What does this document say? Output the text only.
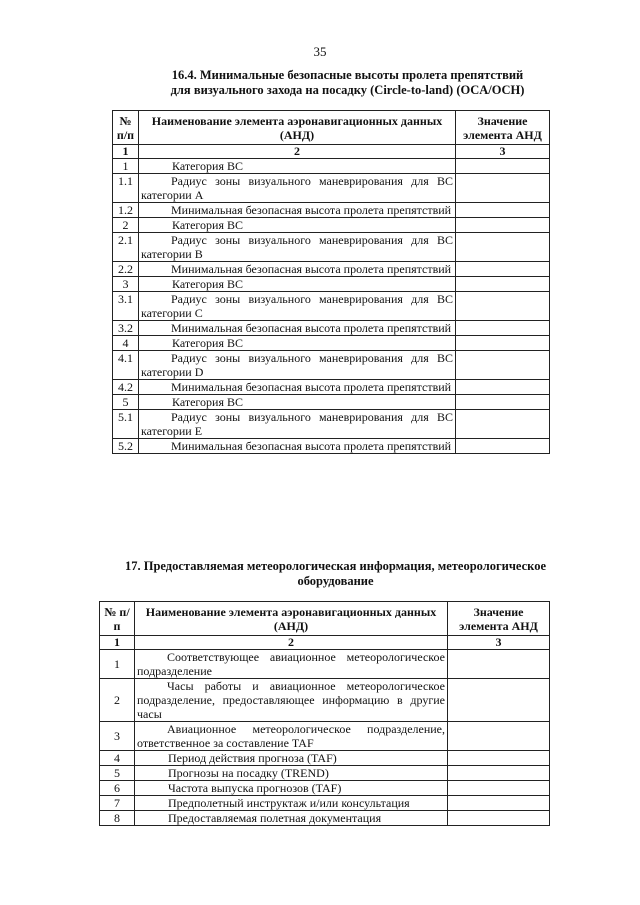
35
16.4. Минимальные безопасные высоты пролета препятствий
для визуального захода на посадку (Circle-to-land) (OCA/OCH)
№ п/п	Наименование элемента аэронавигационных данных (АНД)	Значение элемента АНД
1	2	3
1	Категория ВС	
1.1	Радиус зоны визуального маневрирования для ВС категории А	
1.2	Минимальная безопасная высота пролета препятствий	
2	Категория ВС	
2.1	Радиус зоны визуального маневрирования для ВС категории В	
2.2	Минимальная безопасная высота пролета препятствий	
3	Категория ВС	
3.1	Радиус зоны визуального маневрирования для ВС категории С	
3.2	Минимальная безопасная высота пролета препятствий	
4	Категория ВС	
4.1	Радиус зоны визуального маневрирования для ВС категории D	
4.2	Минимальная безопасная высота пролета препятствий	
5	Категория ВС	
5.1	Радиус зоны визуального маневрирования для ВС категории Е	
5.2	Минимальная безопасная высота пролета препятствий	
17. Предоставляемая метеорологическая информация, метеорологическое
оборудование
№ п/п	Наименование элемента аэронавигационных данных (АНД)	Значение элемента АНД
1	2	3
1	Соответствующее авиационное метеорологическое подразделение	
2	Часы работы и авиационное метеорологическое подразделение, предоставляющее информацию в другие часы	
3	Авиационное метеорологическое подразделение, ответственное за составление TAF	
4	Период действия прогноза (TAF)	
5	Прогнозы на посадку (TREND)	
6	Частота выпуска прогнозов (TAF)	
7	Предполетный инструктаж и/или консультация	
8	Предоставляемая полетная документация	
